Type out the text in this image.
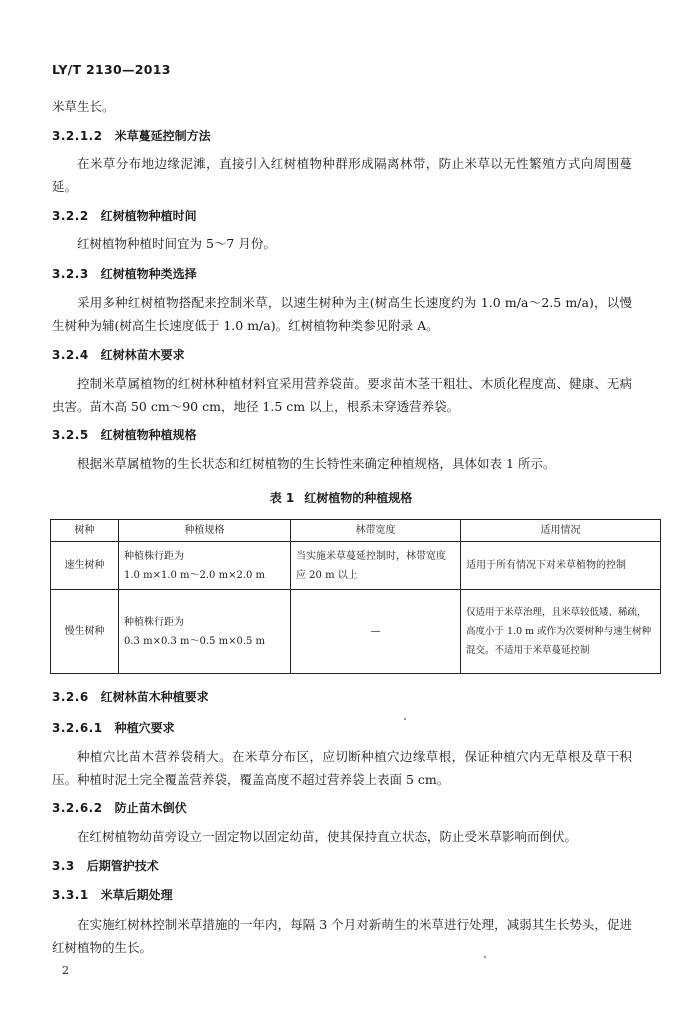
LY/T 2130—2013
米草生长。
3.2.1.2 米草蔓延控制方法
在米草分布地边缘泥滩，直接引入红树植物种群形成隔离林带，防止米草以无性繁殖方式向周围蔓延。
3.2.2 红树植物种植时间
红树植物种植时间宜为 5～7 月份。
3.2.3 红树植物种类选择
采用多种红树植物搭配来控制米草，以速生树种为主(树高生长速度约为 1.0 m/a～2.5 m/a)，以慢生树种为辅(树高生长速度低于 1.0 m/a)。红树植物种类参见附录 A。
3.2.4 红树林苗木要求
控制米草属植物的红树林种植材料宜采用营养袋苗。要求苗木茎干粗壮、木质化程度高、健康、无病虫害。苗木高 50 cm～90 cm，地径 1.5 cm 以上，根系未穿透营养袋。
3.2.5 红树植物种植规格
根据米草属植物的生长状态和红树植物的生长特性来确定种植规格，具体如表 1 所示。
表 1 红树植物的种植规格
树种	种植规格	林带宽度	适用情况
速生树种	种植株行距为
1.0 m×1.0 m～2.0 m×2.0 m	当实施米草蔓延控制时，林带宽度应 20 m 以上	适用于所有情况下对米草植物的控制
慢生树种	种植株行距为
0.3 m×0.3 m～0.5 m×0.5 m	—	仅适用于米草治理，且米草较低矮、稀疏，高度小于 1.0 m 或作为次要树种与速生树种混交。不适用于米草蔓延控制
3.2.6 红树林苗木种植要求
3.2.6.1 种植穴要求
种植穴比苗木营养袋稍大。在米草分布区，应切断种植穴边缘草根，保证种植穴内无草根及草干积压。种植时泥土完全覆盖营养袋，覆盖高度不超过营养袋上表面 5 cm。
3.2.6.2 防止苗木倒伏
在红树植物幼苗旁设立一固定物以固定幼苗，使其保持直立状态，防止受米草影响而倒伏。
3.3 后期管护技术
3.3.1 米草后期处理
在实施红树林控制米草措施的一年内，每隔 3 个月对新萌生的米草进行处理，减弱其生长势头，促进红树植物的生长。
2
